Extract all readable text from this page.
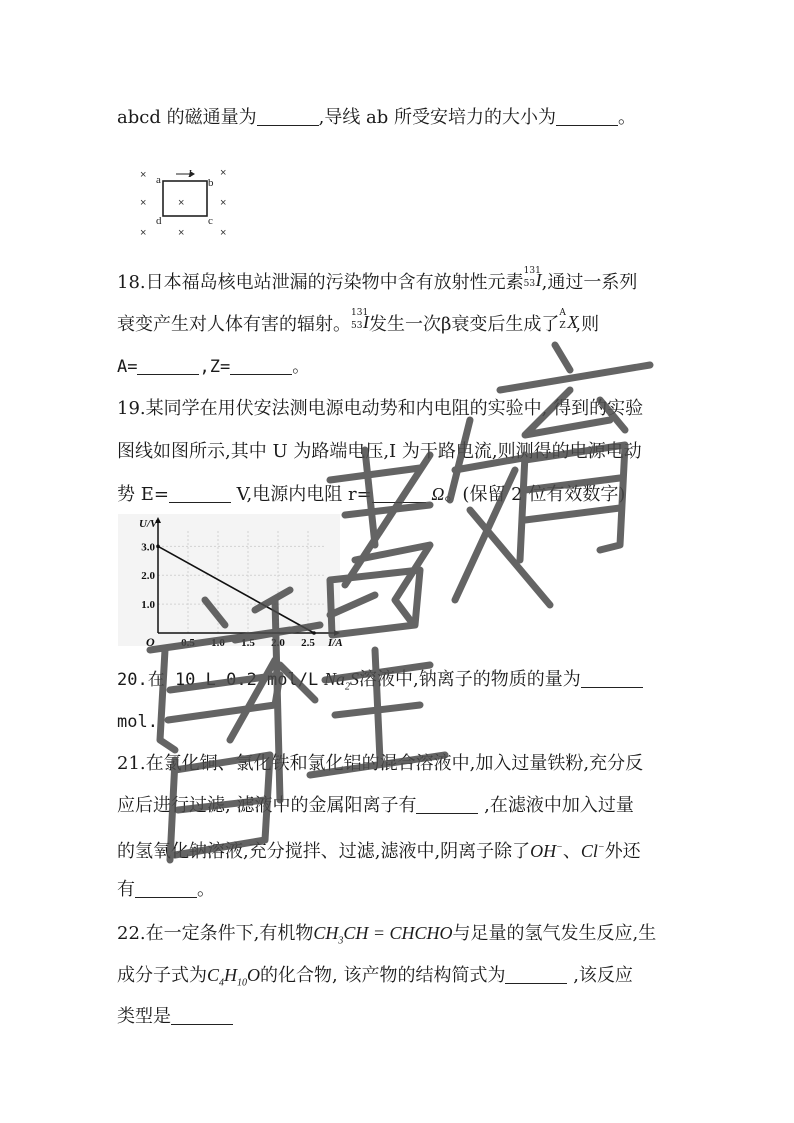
abcd 的磁通量为	,导线 ab 所受安培力的大小为	。
×	×
×	×	×
×	×	×
a	b
d	c
I
18.日本福岛核电站泄漏的污染物中含有放射性元素
131
53 I ,通过一系列
衰变产生对人体有害的辐射。
131
53 I 发生一次β衰变后生成了
A
Z X
,则
A=	,Z=	。
19.某同学在用伏安法测电源电动势和内电阻的实验中, 得到的实验
图线如图所示,其中 U 为路端电压,I 为干路电流,则测得的电源电动
势 E=	V,电源内电阻 r=	Ω。(保留 2 位有效数字)
0.5 1.0 1.5 2.0 2.5
1.0
2.0
3.0
I/A
U/V
O
20.在 10 L 0.2 mol/L $Na_2S$溶液中,钠离子的物质的量为
mol.
21.在氯化铜、氯化铁和氯化铝的混合溶液中,加入过量铁粉,充分反
应后进行过滤, 滤液中的金属阳离子有	,在滤液中加入过量
的氢氧化钠溶液,充分搅拌、过滤,滤液中,阴离子除了OH−、Cl−外还
有	。
22.在一定条件下,有机物$CH_3CH$ = CHCHO与足量的氢气发生反应,生
成分子式为$C_4H_{10}O$的化合物, 该产物的结构简式为	,该反应
类型是
